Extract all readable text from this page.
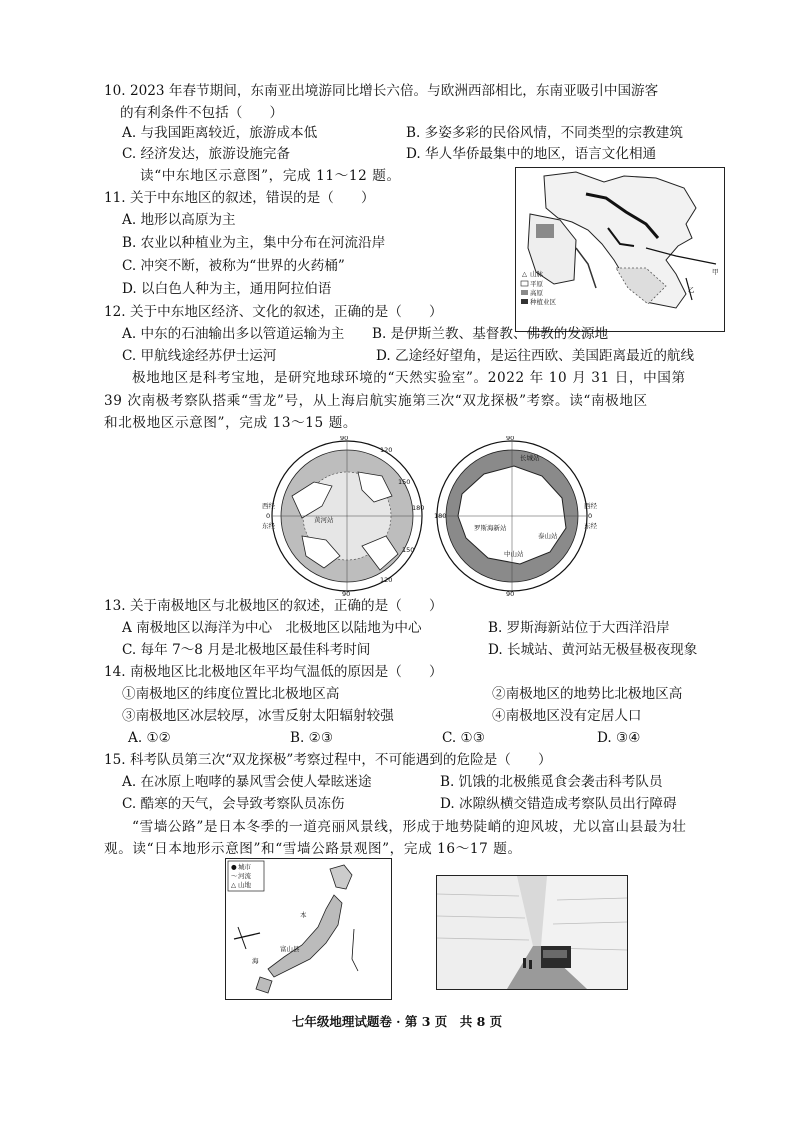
10. 2023 年春节期间，东南亚出境游同比增长六倍。与欧洲西部相比，东南亚吸引中国游客
的有利条件不包括（　　）
A. 与我国距离较近，旅游成本低	B. 多姿多彩的民俗风情，不同类型的宗教建筑
C. 经济发达，旅游设施完备	D. 华人华侨最集中的地区，语言文化相通
读“中东地区示意图”，完成 11～12 题。
甲
乙
△ 山脉
平原
高原
种植业区
11. 关于中东地区的叙述，错误的是（　　）
A. 地形以高原为主
B. 农业以种植业为主，集中分布在河流沿岸
C. 冲突不断，被称为“世界的火药桶”
D. 以白色人种为主，通用阿拉伯语
12. 关于中东地区经济、文化的叙述，正确的是（　　）
A. 中东的石油输出多以管道运输为主 B. 是伊斯兰教、基督教、佛教的发源地
C. 甲航线途经苏伊士运河	D. 乙途经好望角，是运往西欧、美国距离最近的航线
极地地区是科考宝地，是研究地球环境的“天然实验室”。2022 年 10 月 31 日，中国第
39 次南极考察队搭乘“雪龙”号，从上海启航实施第三次“双龙探极”考察。读“南极地区
和北极地区示意图”，完成 13～15 题。
120
150
180
西经
0
东经
90
90
黄河站
150
120
长城站
西经
0
东经
罗斯海新站
泰山站
中山站
90
180
90
13. 关于南极地区与北极地区的叙述，正确的是（　　）
A 南极地区以海洋为中心　北极地区以陆地为中心	B. 罗斯海新站位于大西洋沿岸
C. 每年 7～8 月是北极地区最佳科考时间	D. 长城站、黄河站无极昼极夜现象
14. 南极地区比北极地区年平均气温低的原因是（　　）
①南极地区的纬度位置比北极地区高	②南极地区的地势比北极地区高
③南极地区冰层较厚，冰雪反射太阳辐射较强	④南极地区没有定居人口
A. ①②	B. ②③	C. ①③	D. ③④
15. 科考队员第三次“双龙探极”考察过程中，不可能遇到的危险是（　　）
A. 在冰原上咆哮的暴风雪会使人晕眩迷途	B. 饥饿的北极熊觅食会袭击科考队员
C. 酷寒的天气，会导致考察队员冻伤	D. 冰隙纵横交错造成考察队员出行障碍
“雪墙公路”是日本冬季的一道亮丽风景线，形成于地势陡峭的迎风坡，尤以富山县最为壮
观。读“日本地形示意图”和“雪墙公路景观图”，完成 16～17 题。
● 城市
〜 河流
△ 山地
本
富山县
海
七年级地理试题卷 · 第 3 页　共 8 页
